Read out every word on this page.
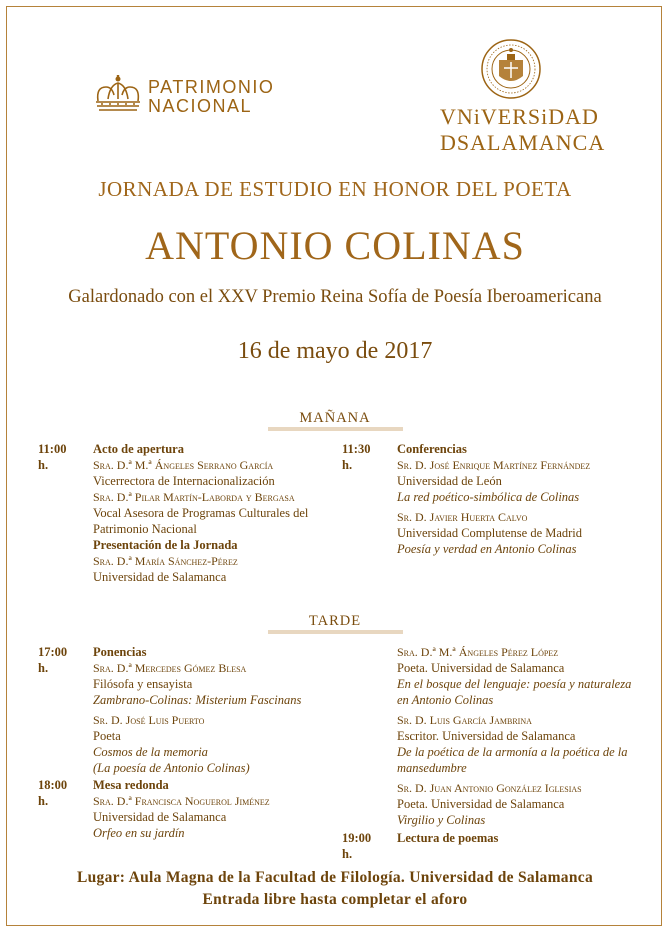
PATRIMONIO
NACIONAL	VNiVERSiDAD
DSALAMANCA
JORNADA DE ESTUDIO EN HONOR DEL POETA
ANTONIO COLINAS
Galardonado con el XXV Premio Reina Sofía de Poesía Iberoamericana
16 de mayo de 2017
MAÑANA
11:00 h.
Acto de apertura
Sra. D.ª M.ª Ángeles Serrano García
Vicerrectora de Internacionalización
Sra. D.ª Pilar Martín-Laborda y Bergasa
Vocal Asesora de Programas Culturales del
Patrimonio Nacional
Presentación de la Jornada
Sra. D.ª María Sánchez-Pérez
Universidad de Salamanca
11:30 h.
Conferencias
Sr. D. José Enrique Martínez Fernández
Universidad de León
La red poético-simbólica de Colinas
Sr. D. Javier Huerta Calvo
Universidad Complutense de Madrid
Poesía y verdad en Antonio Colinas
TARDE
17:00 h.
Ponencias
Sra. D.ª Mercedes Gómez Blesa
Filósofa y ensayista
Zambrano-Colinas: Misterium Fascinans
Sr. D. José Luis Puerto
Poeta
Cosmos de la memoria
(La poesía de Antonio Colinas)
18:00 h.
Mesa redonda
Sra. D.ª Francisca Noguerol Jiménez
Universidad de Salamanca
Orfeo en su jardín
Sra. D.ª M.ª Ángeles Pérez López
Poeta. Universidad de Salamanca
En el bosque del lenguaje: poesía y naturaleza
en Antonio Colinas
Sr. D. Luis García Jambrina
Escritor. Universidad de Salamanca
De la poética de la armonía a la poética de la
mansedumbre
Sr. D. Juan Antonio González Iglesias
Poeta. Universidad de Salamanca
Virgilio y Colinas
19:00 h.
Lectura de poemas
Lugar: Aula Magna de la Facultad de Filología. Universidad de Salamanca
Entrada libre hasta completar el aforo
